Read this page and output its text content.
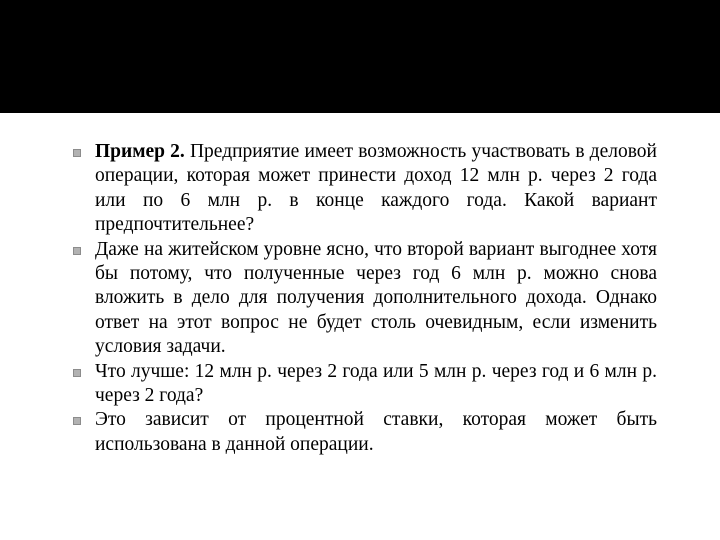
Пример 2. Предприятие имеет возможность участвовать в деловой операции, которая может принести доход 12 млн р. через 2 года или по 6 млн р. в конце каждого года. Какой вариант предпочтительнее?

Даже на житейском уровне ясно, что второй вариант выгоднее хотя бы потому, что полученные через год 6 млн р. можно снова вложить в дело для получения дополнительного дохода. Однако ответ на этот вопрос не будет столь очевидным, если изменить условия задачи.

Что лучше: 12 млн р. через 2 года или 5 млн р. через год и 6 млн р. через 2 года?

Это зависит от процентной ставки, которая может быть использована в данной операции.
